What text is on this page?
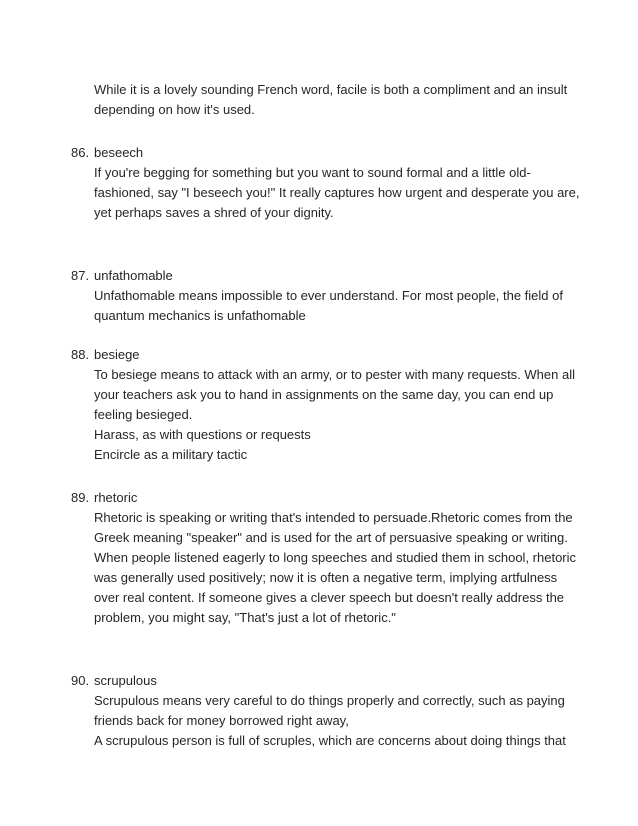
While it is a lovely sounding French word, facile is both a compliment and an insult
depending on how it's used.
86. beseech
If you're begging for something but you want to sound formal and a little old-
fashioned, say "I beseech you!" It really captures how urgent and desperate you are,
yet perhaps saves a shred of your dignity.
87. unfathomable
Unfathomable means impossible to ever understand. For most people, the field of
quantum mechanics is unfathomable
88. besiege
To besiege means to attack with an army, or to pester with many requests. When all
your teachers ask you to hand in assignments on the same day, you can end up
feeling besieged.
Harass, as with questions or requests
Encircle as a military tactic
89. rhetoric
Rhetoric is speaking or writing that's intended to persuade.Rhetoric comes from the
Greek meaning "speaker" and is used for the art of persuasive speaking or writing.
When people listened eagerly to long speeches and studied them in school, rhetoric
was generally used positively; now it is often a negative term, implying artfulness
over real content. If someone gives a clever speech but doesn't really address the
problem, you might say, "That's just a lot of rhetoric."
90. scrupulous
Scrupulous means very careful to do things properly and correctly, such as paying
friends back for money borrowed right away,
A scrupulous person is full of scruples, which are concerns about doing things that
